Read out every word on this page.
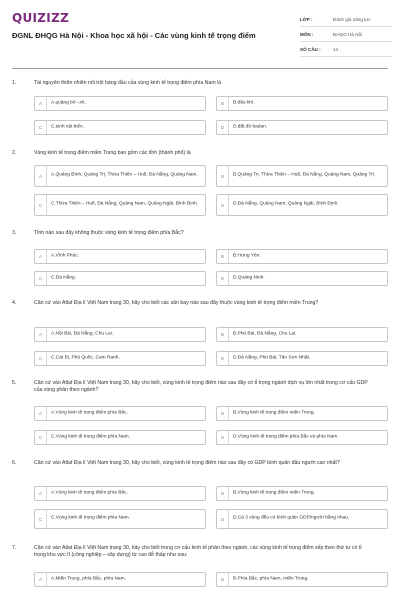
QUIZIZZ
ĐGNL ĐHQG Hà Nội - Khoa học xã hội - Các vùng kinh tế trọng điểm
LỚP :	Đánh giá năng lực
MÔN :	ĐHQG Hà Nội
SỐ CÂU :	14
1.	Tài nguyên thiên nhiên nổi trội hàng đầu của vùng kinh tế trọng điểm phía Nam là
A	A.quặng bô –xít.	B	B.dầu khí.
C	C.sinh vật biển.	D	D.đất đỏ badan.
2.	Vùng kinh tế trọng điểm miền Trung bao gồm các tỉnh (thành phố) là
A	A.Quảng Bình, Quảng Trị, Thừa Thiên – Huế, Đà Nẵng, Quảng Nam.	B	B.Quảng Trị, Thừa Thiên – Huế, Đà Nẵng, Quảng Nam, Quảng Trị.
C	C.Thừa Thiên – Huế, Đà Nẵng, Quảng Nam, Quảng Ngãi, Bình Định.	D	D.Đà Nẵng, Quảng Nam, Quảng Ngãi, Bình Định.
3.	Tỉnh nào sau đây không thuộc vùng kinh tế trọng điểm phía Bắc?
A	A.Vĩnh Phúc.	B	B.Hưng Yên.
C	C.Đà Nẵng.	D	D.Quảng Ninh.
4.	Căn cứ vào Atlat Địa lí Việt Nam trang 30, hãy cho biết các sân bay nào sau đây thuộc vùng kinh tế trọng điểm miền Trung?
A	A.Nội Bài, Đà Nẵng, Chu Lai.	B	B.Phú Bài, Đà Nẵng, Chu Lai.
C	C.Cát Bi, Phù Quốc, Cam Ranh.	D	D.Đà Nẵng, Phú Bài, Tân Sơn Nhất.
5.	Căn cứ vào Atlat Địa lí Việt Nam trang 30, hãy cho biết, vùng kinh tế trọng điểm nào sau đây có tỉ trọng ngành dịch vụ lớn nhất trong cơ cấu GDP của vùng phân theo ngành?
A	A.Vùng kinh tế trọng điểm phía Bắc.	B	B.Vùng kinh tế trọng điểm miền Trung.
C	C.Vùng kinh tế trọng điểm phía Nam.	D	D.Vùng kinh tế trọng điểm phía Bắc và phía Nam.
6.	Căn cứ vào Atlat Địa lí Việt Nam trang 30, hãy cho biết, vùng kinh tế trọng điểm nào sau đây có GDP bình quân đầu người cao nhất?
A	A.Vùng kinh tế trọng điểm phía Bắc.	B	B.Vùng kinh tế trọng điểm miền Trung.
C	C.Vùng kinh tế trọng điểm phía Nam.	D	D.Cả 3 vùng đều có bình quân GDP/người bằng nhau.
7.	Căn cứ vào Atlat Địa lí Việt Nam trang 30, hãy cho biết trong cơ cấu kinh tế phân theo ngành, các vùng kinh tế trọng điểm xếp theo thứ tự có tỉ trọng khu vực II (công nghiệp – xây dựng) từ cao đễ thấp như sau:
A	A.Miền Trung, phía Bắc, phía Nam.	B	B.Phía Bắc, phía Nam, miền Trung.
